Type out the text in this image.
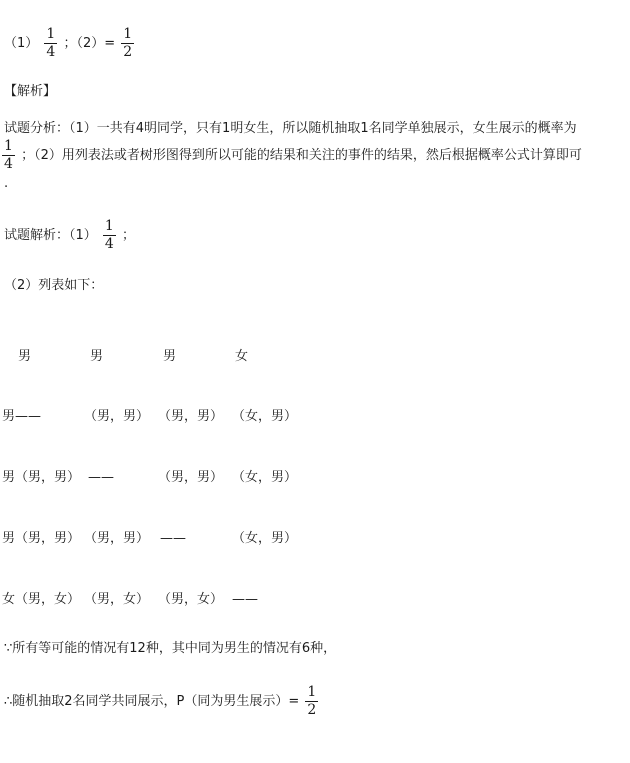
$(1) \frac{1}{4}$ ；$(2)= \frac{1}{2}$
【解析】
试题分析：（1）一共有4明同学，只有1明女生，所以随机抽取1名同学单独展示，女生展示的概率为
$\frac{1}{4}$ ；（2）用列表法或者树形图得到所以可能的结果和关注的事件的结果，然后根据概率公式计算即可
.
试题解析：$(1) \frac{1}{4}$ ；
（2）列表如下：
男	男	男	女
男 ——	（男，男） （男，男） （女，男）
男 （男，男） ——	（男，男） （女，男）
男 （男，男） （男，男） ——	（女，男）
女 （男，女） （男，女） （男，女） ——
∵所有等可能的情况有12种，其中同为男生的情况有6种，
∴随机抽取2名同学共同展示，P（同为男生展示）= $\frac{1}{2}$
